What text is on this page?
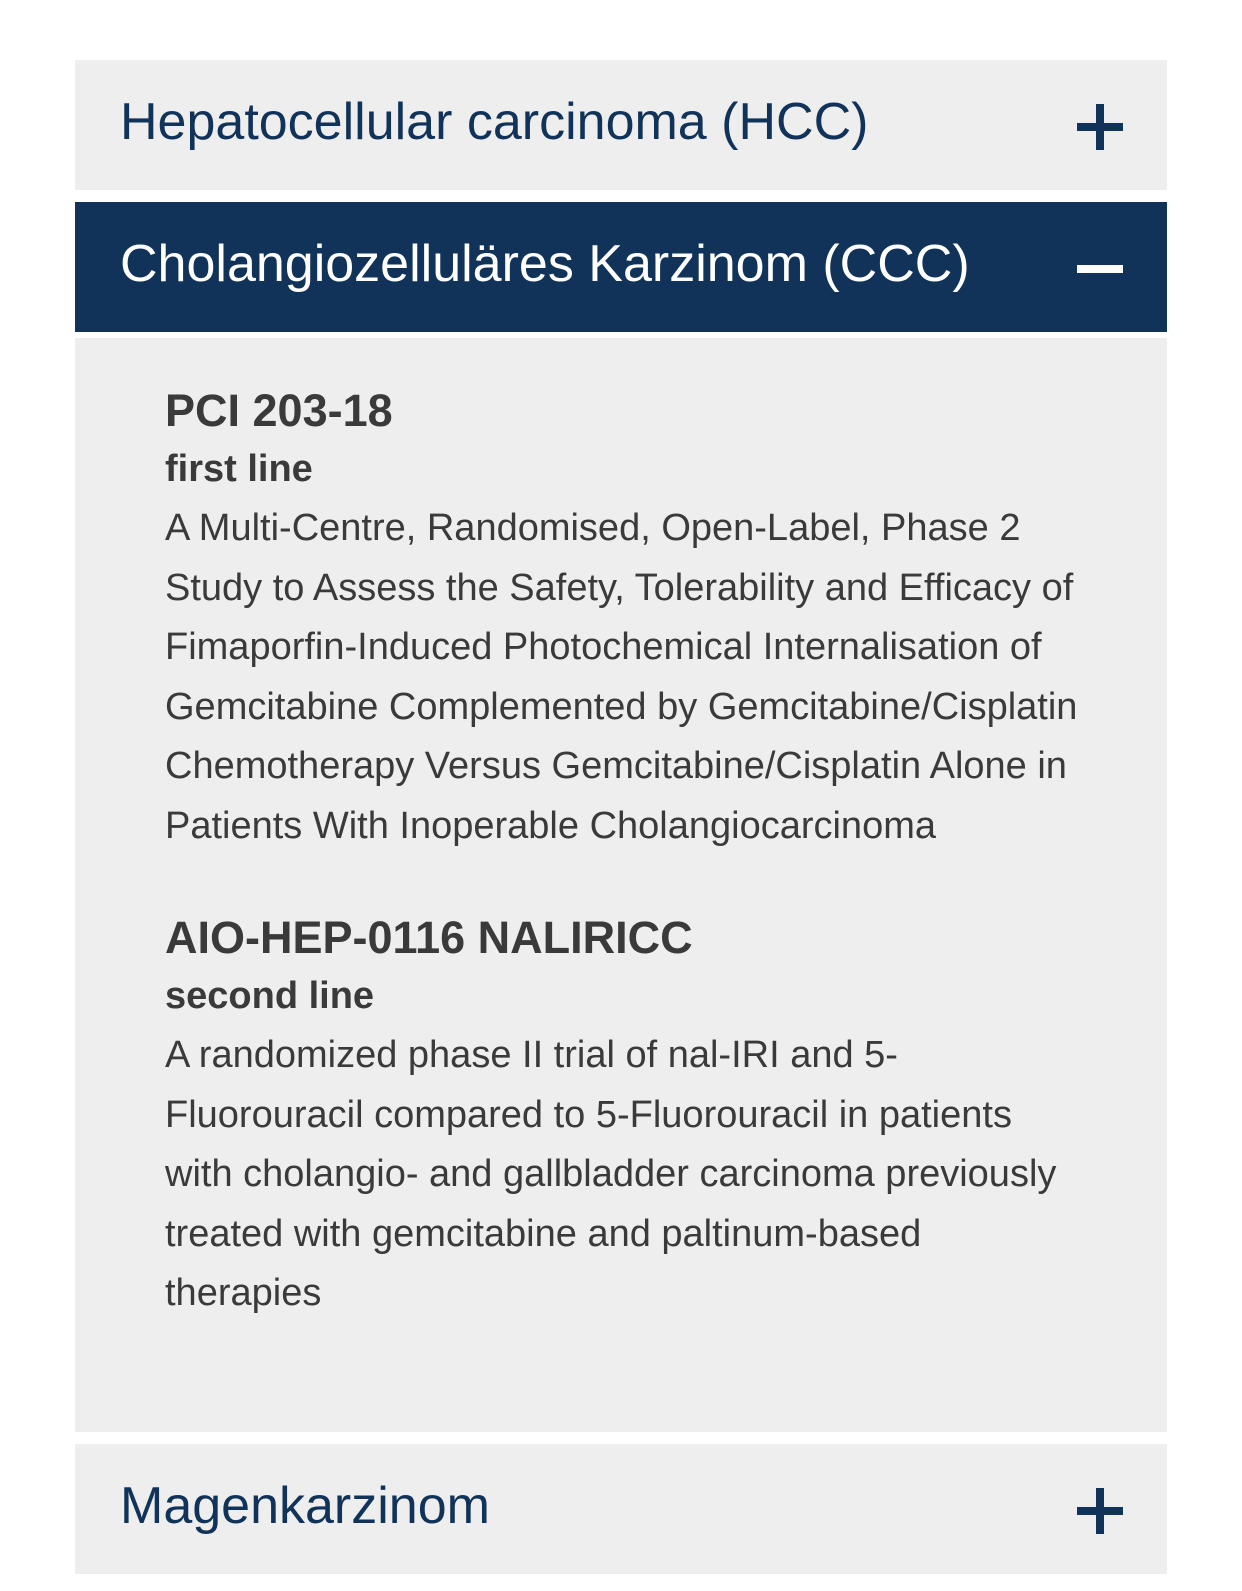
Hepatocellular carcinoma (HCC)
Cholangiozelluläres Karzinom (CCC)
PCI 203-18
first line
A Multi-Centre, Randomised, Open-Label, Phase 2 Study to Assess the Safety, Tolerability and Efficacy of Fimaporfin-Induced Photochemical Internalisation of Gemcitabine Complemented by Gemcitabine/Cisplatin Chemotherapy Versus Gemcitabine/Cisplatin Alone in Patients With Inoperable Cholangiocarcinoma
AIO-HEP-0116 NALIRICC
second line
A randomized phase II trial of nal-IRI and 5-Fluorouracil compared to 5-Fluorouracil in patients with cholangio- and gallbladder carcinoma previously treated with gemcitabine and paltinum-based therapies
Magenkarzinom
